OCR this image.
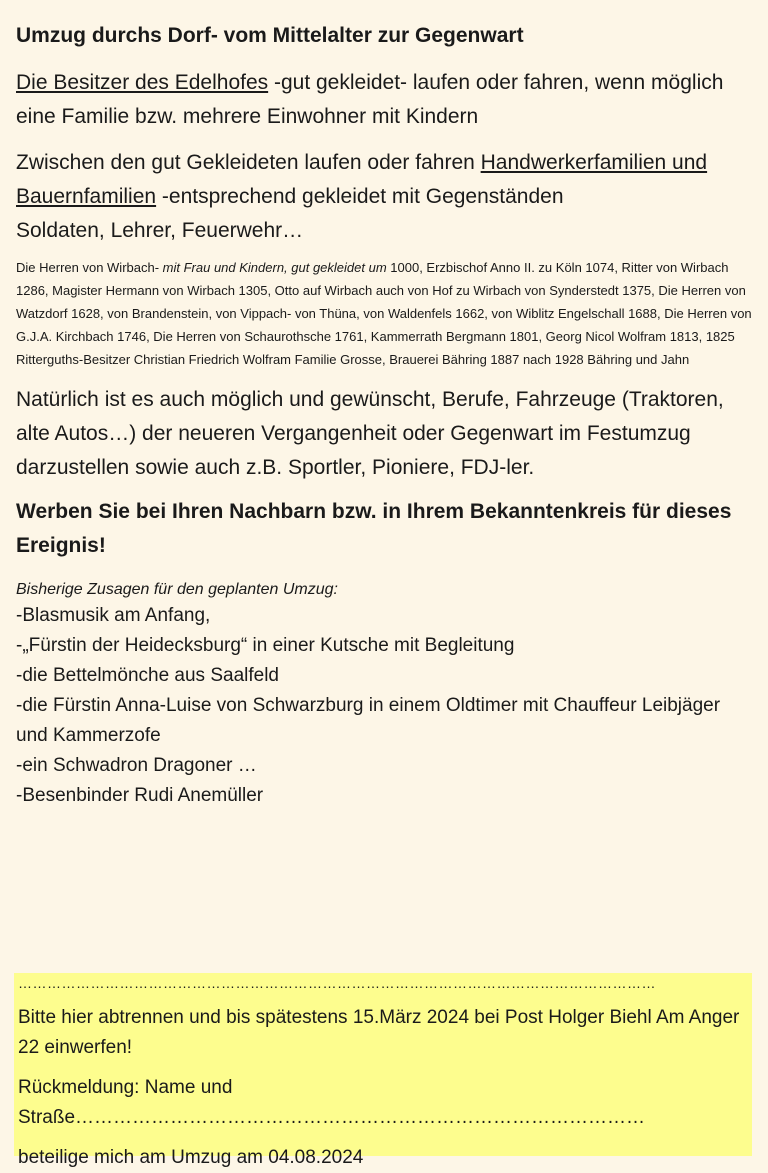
Umzug durchs Dorf- vom Mittelalter zur Gegenwart

Die Besitzer des Edelhofes -gut gekleidet- laufen oder fahren, wenn möglich eine Familie bzw. mehrere Einwohner mit Kindern

Zwischen den gut Gekleideten laufen oder fahren Handwerkerfamilien und Bauernfamilien -entsprechend gekleidet mit Gegenständen

Soldaten, Lehrer, Feuerwehr…

Die Herren von Wirbach- mit Frau und Kindern, gut gekleidet um 1000, Erzbischof Anno II. zu Köln 1074, Ritter von Wirbach 1286, Magister Hermann von Wirbach 1305, Otto auf Wirbach auch von Hof zu Wirbach von Synderstedt 1375, Die Herren von Watzdorf 1628, von Brandenstein, von Vippach- von Thüna, von Waldenfels 1662, von Wiblitz Engelschall 1688, Die Herren von G.J.A. Kirchbach 1746, Die Herren von Schaurothsche 1761, Kammerrath Bergmann 1801, Georg Nicol Wolfram 1813, 1825 Ritterguths-Besitzer Christian Friedrich Wolfram Familie Grosse, Brauerei Bähring 1887 nach 1928 Bähring und Jahn

Natürlich ist es auch möglich und gewünscht, Berufe, Fahrzeuge (Traktoren, alte Autos…) der neueren Vergangenheit oder Gegenwart im Festumzug darzustellen sowie auch z.B. Sportler, Pioniere, FDJ-ler.

Werben Sie bei Ihren Nachbarn bzw. in Ihrem Bekanntenkreis für dieses Ereignis!

Bisherige Zusagen für den geplanten Umzug:

-Blasmusik am Anfang,
-„Fürstin der Heidecksburg“ in einer Kutsche mit Begleitung
-die Bettelmönche aus Saalfeld
-die Fürstin Anna-Luise von Schwarzburg in einem Oldtimer mit Chauffeur Leibjäger und Kammerzofe
-ein Schwadron Dragoner …
-Besenbinder Rudi Anemüller
……………………………………………………………………………………………………………………

Bitte hier abtrennen und bis spätestens 15.März 2024 bei Post Holger Biehl Am Anger 22 einwerfen!

Rückmeldung: Name und Straße………………………………………………………………………………

beteilige mich am Umzug am 04.08.2024
